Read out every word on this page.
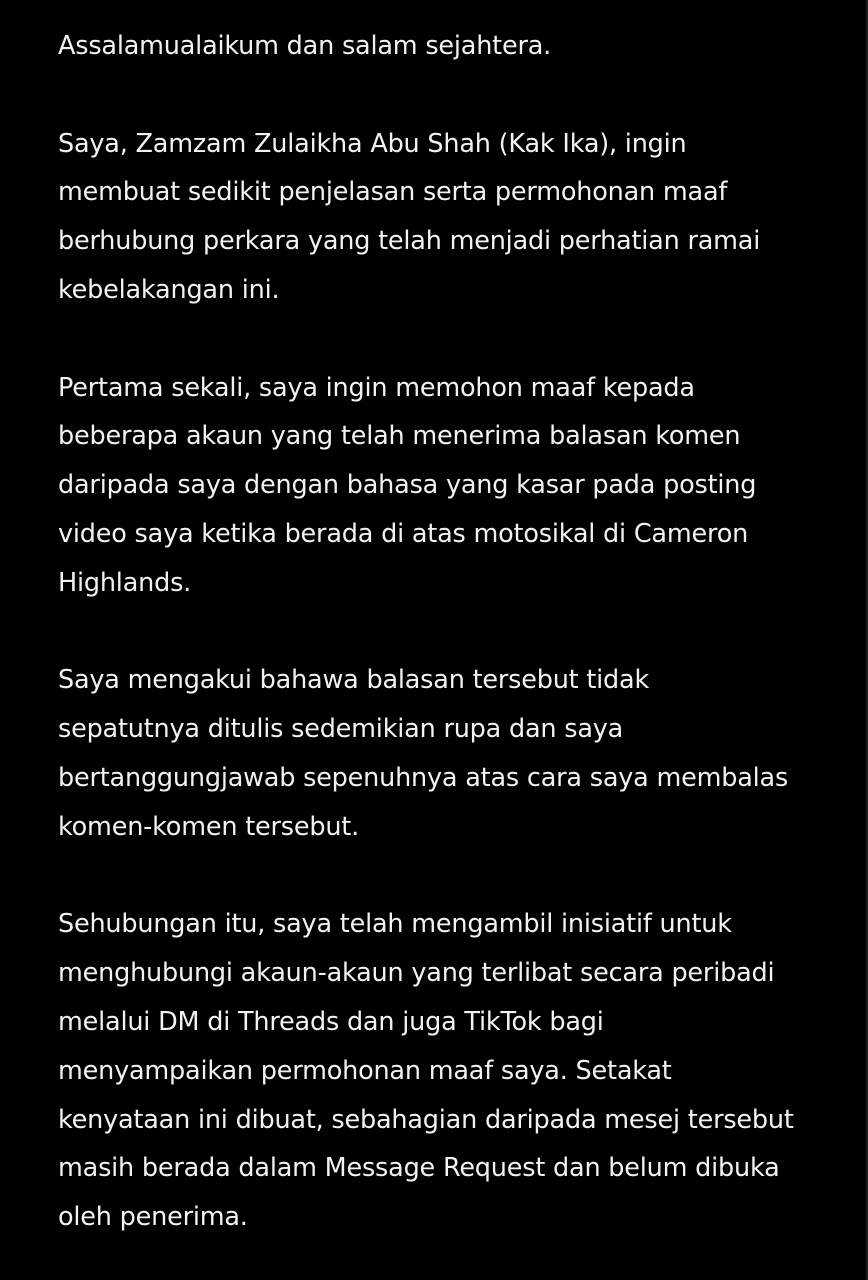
Assalamualaikum dan salam sejahtera.
Saya, Zamzam Zulaikha Abu Shah (Kak Ika), ingin
membuat sedikit penjelasan serta permohonan maaf
berhubung perkara yang telah menjadi perhatian ramai
kebelakangan ini.
Pertama sekali, saya ingin memohon maaf kepada
beberapa akaun yang telah menerima balasan komen
daripada saya dengan bahasa yang kasar pada posting
video saya ketika berada di atas motosikal di Cameron
Highlands.
Saya mengakui bahawa balasan tersebut tidak
sepatutnya ditulis sedemikian rupa dan saya
bertanggungjawab sepenuhnya atas cara saya membalas
komen-komen tersebut.
Sehubungan itu, saya telah mengambil inisiatif untuk
menghubungi akaun-akaun yang terlibat secara peribadi
melalui DM di Threads dan juga TikTok bagi
menyampaikan permohonan maaf saya. Setakat
kenyataan ini dibuat, sebahagian daripada mesej tersebut
masih berada dalam Message Request dan belum dibuka
oleh penerima.
